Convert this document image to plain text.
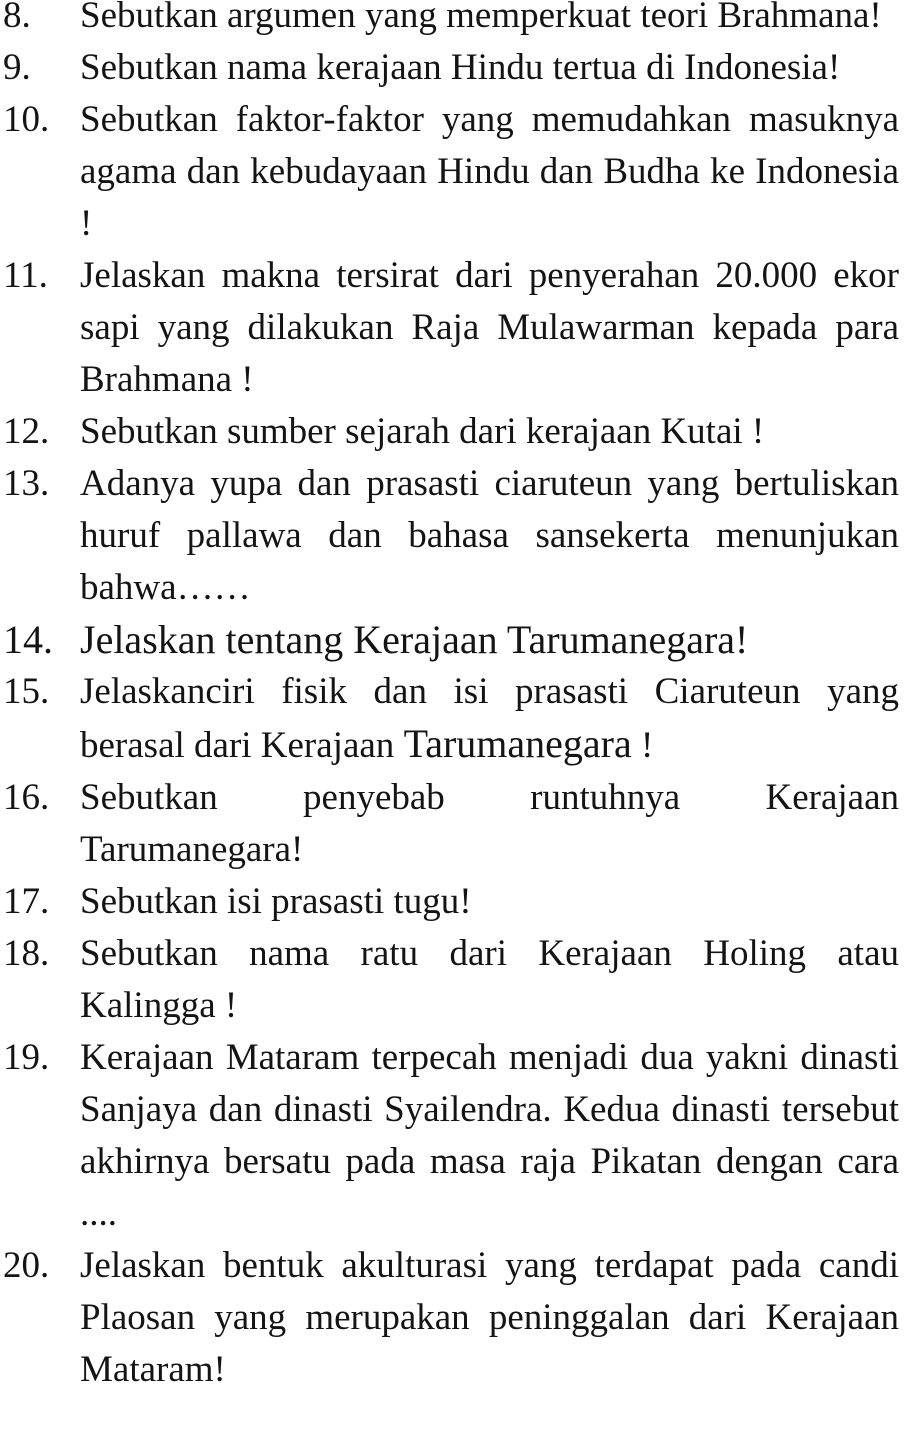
8. Sebutkan argumen yang memperkuat teori Brahmana!
9. Sebutkan nama kerajaan Hindu tertua di Indonesia!
10. Sebutkan faktor-faktor yang memudahkan masuknya agama dan kebudayaan Hindu dan Budha ke Indonesia !
11. Jelaskan makna tersirat dari penyerahan 20.000 ekor sapi yang dilakukan Raja Mulawarman kepada para Brahmana !
12. Sebutkan sumber sejarah dari kerajaan Kutai !
13. Adanya yupa dan prasasti ciaruteun yang bertuliskan huruf pallawa dan bahasa sansekerta menunjukan bahwa……
14. Jelaskan tentang Kerajaan Tarumanegara!
15. Jelaskanciri fisik dan isi prasasti Ciaruteun yang berasal dari Kerajaan Tarumanegara !
16. Sebutkan penyebab runtuhnya Kerajaan Tarumanegara!
17. Sebutkan isi prasasti tugu!
18. Sebutkan nama ratu dari Kerajaan Holing atau Kalingga !
19. Kerajaan Mataram terpecah menjadi dua yakni dinasti Sanjaya dan dinasti Syailendra. Kedua dinasti tersebut akhirnya bersatu pada masa raja Pikatan dengan cara ....
20. Jelaskan bentuk akulturasi yang terdapat pada candi Plaosan yang merupakan peninggalan dari Kerajaan Mataram!
